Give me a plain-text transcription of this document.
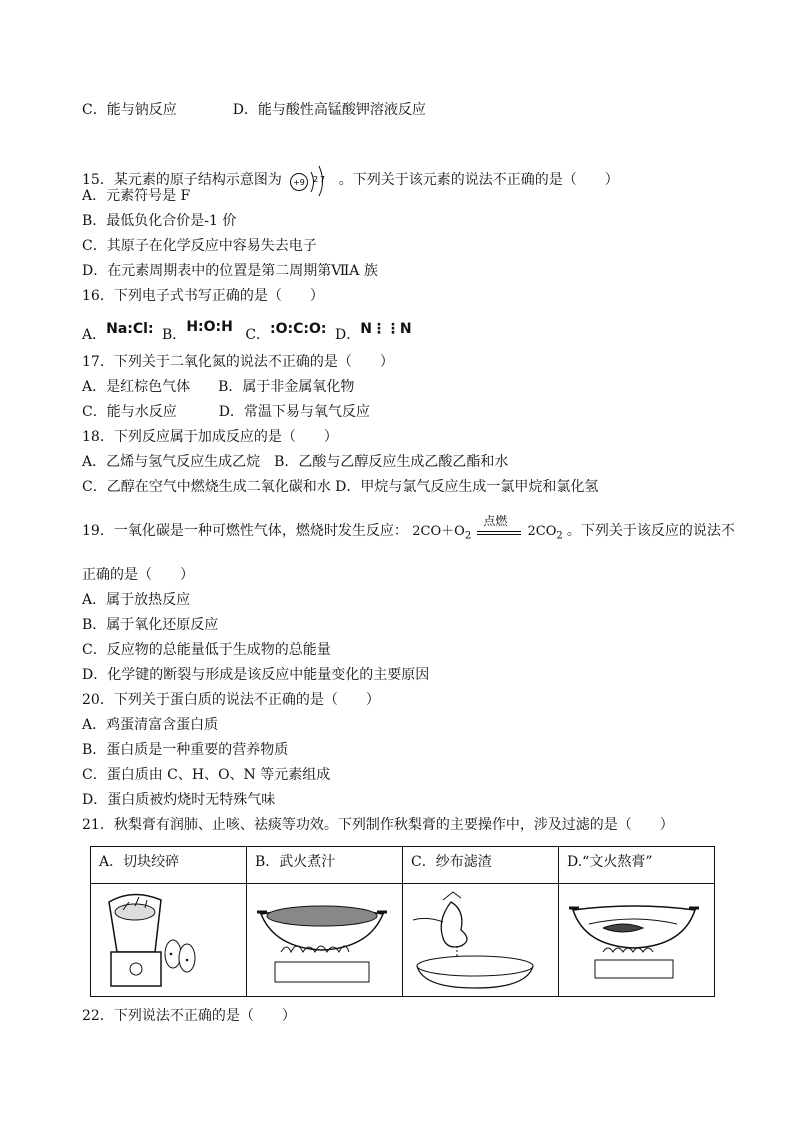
C．能与钠反应　　　　D．能与酸性高锰酸钾溶液反应
15．某元素的原子结构示意图为 +9 2 7 。下列关于该元素的说法不正确的是（　　）
A．元素符号是 F
B．最低负化合价是-1 价
C．其原子在化学反应中容易失去电子
D．在元素周期表中的位置是第二周期第ⅦA 族
16．下列电子式书写正确的是（　　）
A．Na:Cl: B．H:O:H C．:O:C:O: D．N⋮⋮N
17．下列关于二氧化氮的说法不正确的是（　　）
A．是红棕色气体　　B．属于非金属氧化物
C．能与水反应　　　D．常温下易与氧气反应
18．下列反应属于加成反应的是（　　）
A．乙烯与氢气反应生成乙烷　B．乙酸与乙醇反应生成乙酸乙酯和水
C．乙醇在空气中燃烧生成二氧化碳和水 D．甲烷与氯气反应生成一氯甲烷和氯化氢
19．一氧化碳是一种可燃性气体，燃烧时发生反应： $2CO+O_2$
点燃
$2CO_2$ 。下列关于该反应的说法不
正确的是（　　）
A．属于放热反应
B．属于氧化还原反应
C．反应物的总能量低于生成物的总能量
D．化学键的断裂与形成是该反应中能量变化的主要原因
20．下列关于蛋白质的说法不正确的是（　　）
A．鸡蛋清富含蛋白质
B．蛋白质是一种重要的营养物质
C．蛋白质由 C、H、O、N 等元素组成
D．蛋白质被灼烧时无特殊气味
21．秋梨膏有润肺、止咳、祛痰等功效。下列制作秋梨膏的主要操作中，涉及过滤的是（　　）
A．切块绞碎	B．武火煮汁	C．纱布滤渣	D.“文火熬膏”

22．下列说法不正确的是（　　）
